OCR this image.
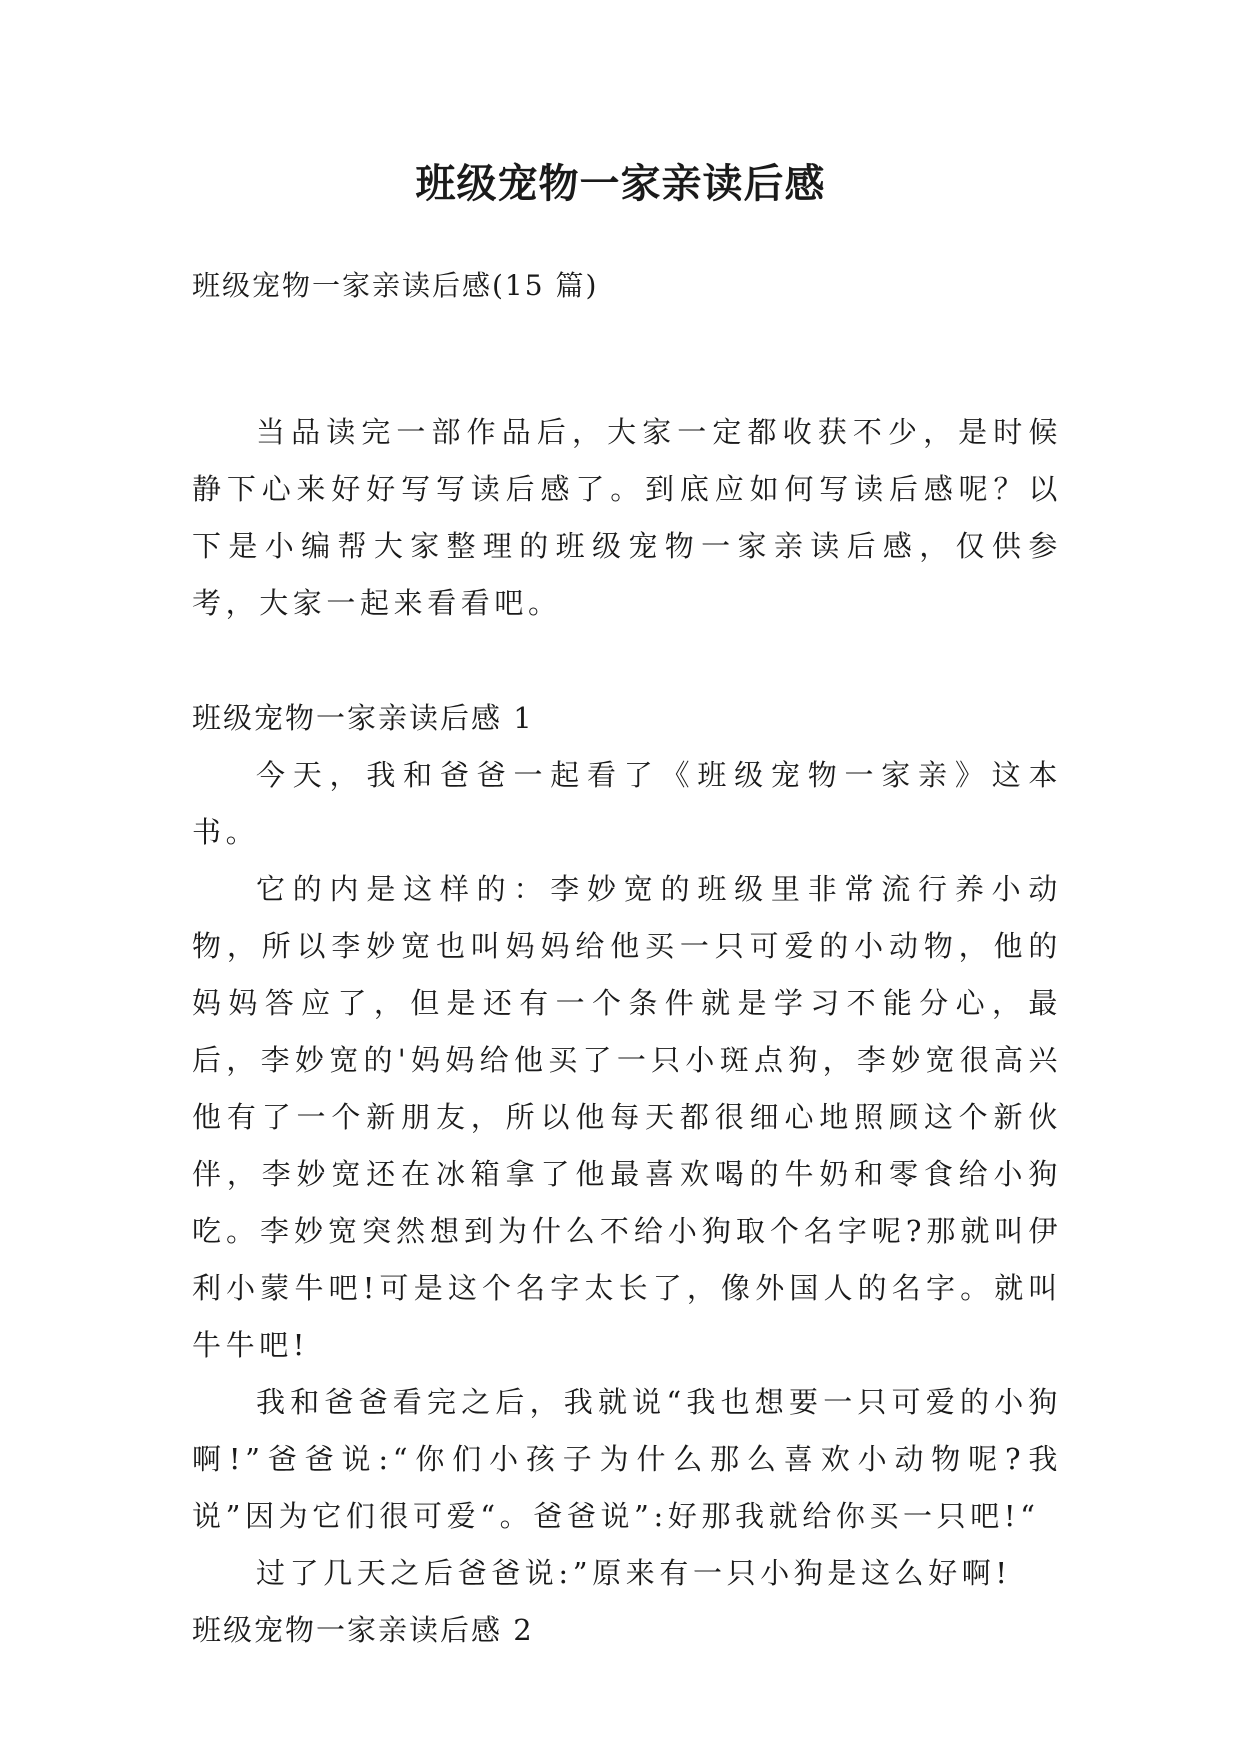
班级宠物一家亲读后感

班级宠物一家亲读后感(15 篇)

当品读完一部作品后，大家一定都收获不少，是时候静下心来好好写写读后感了。到底应如何写读后感呢？以下是小编帮大家整理的班级宠物一家亲读后感，仅供参考，大家一起来看看吧。

班级宠物一家亲读后感 1

今天，我和爸爸一起看了《班级宠物一家亲》这本书。

它的内是这样的：李妙宽的班级里非常流行养小动物，所以李妙宽也叫妈妈给他买一只可爱的小动物，他的妈妈答应了，但是还有一个条件就是学习不能分心，最后，李妙宽的'妈妈给他买了一只小斑点狗，李妙宽很高兴他有了一个新朋友，所以他每天都很细心地照顾这个新伙伴，李妙宽还在冰箱拿了他最喜欢喝的牛奶和零食给小狗吃。李妙宽突然想到为什么不给小狗取个名字呢?那就叫伊利小蒙牛吧!可是这个名字太长了，像外国人的名字。就叫牛牛吧!

我和爸爸看完之后，我就说“我也想要一只可爱的小狗啊!”爸爸说:“你们小孩子为什么那么喜欢小动物呢?我说”因为它们很可爱“。爸爸说”:好那我就给你买一只吧!“

过了几天之后爸爸说:”原来有一只小狗是这么好啊!

班级宠物一家亲读后感 2
